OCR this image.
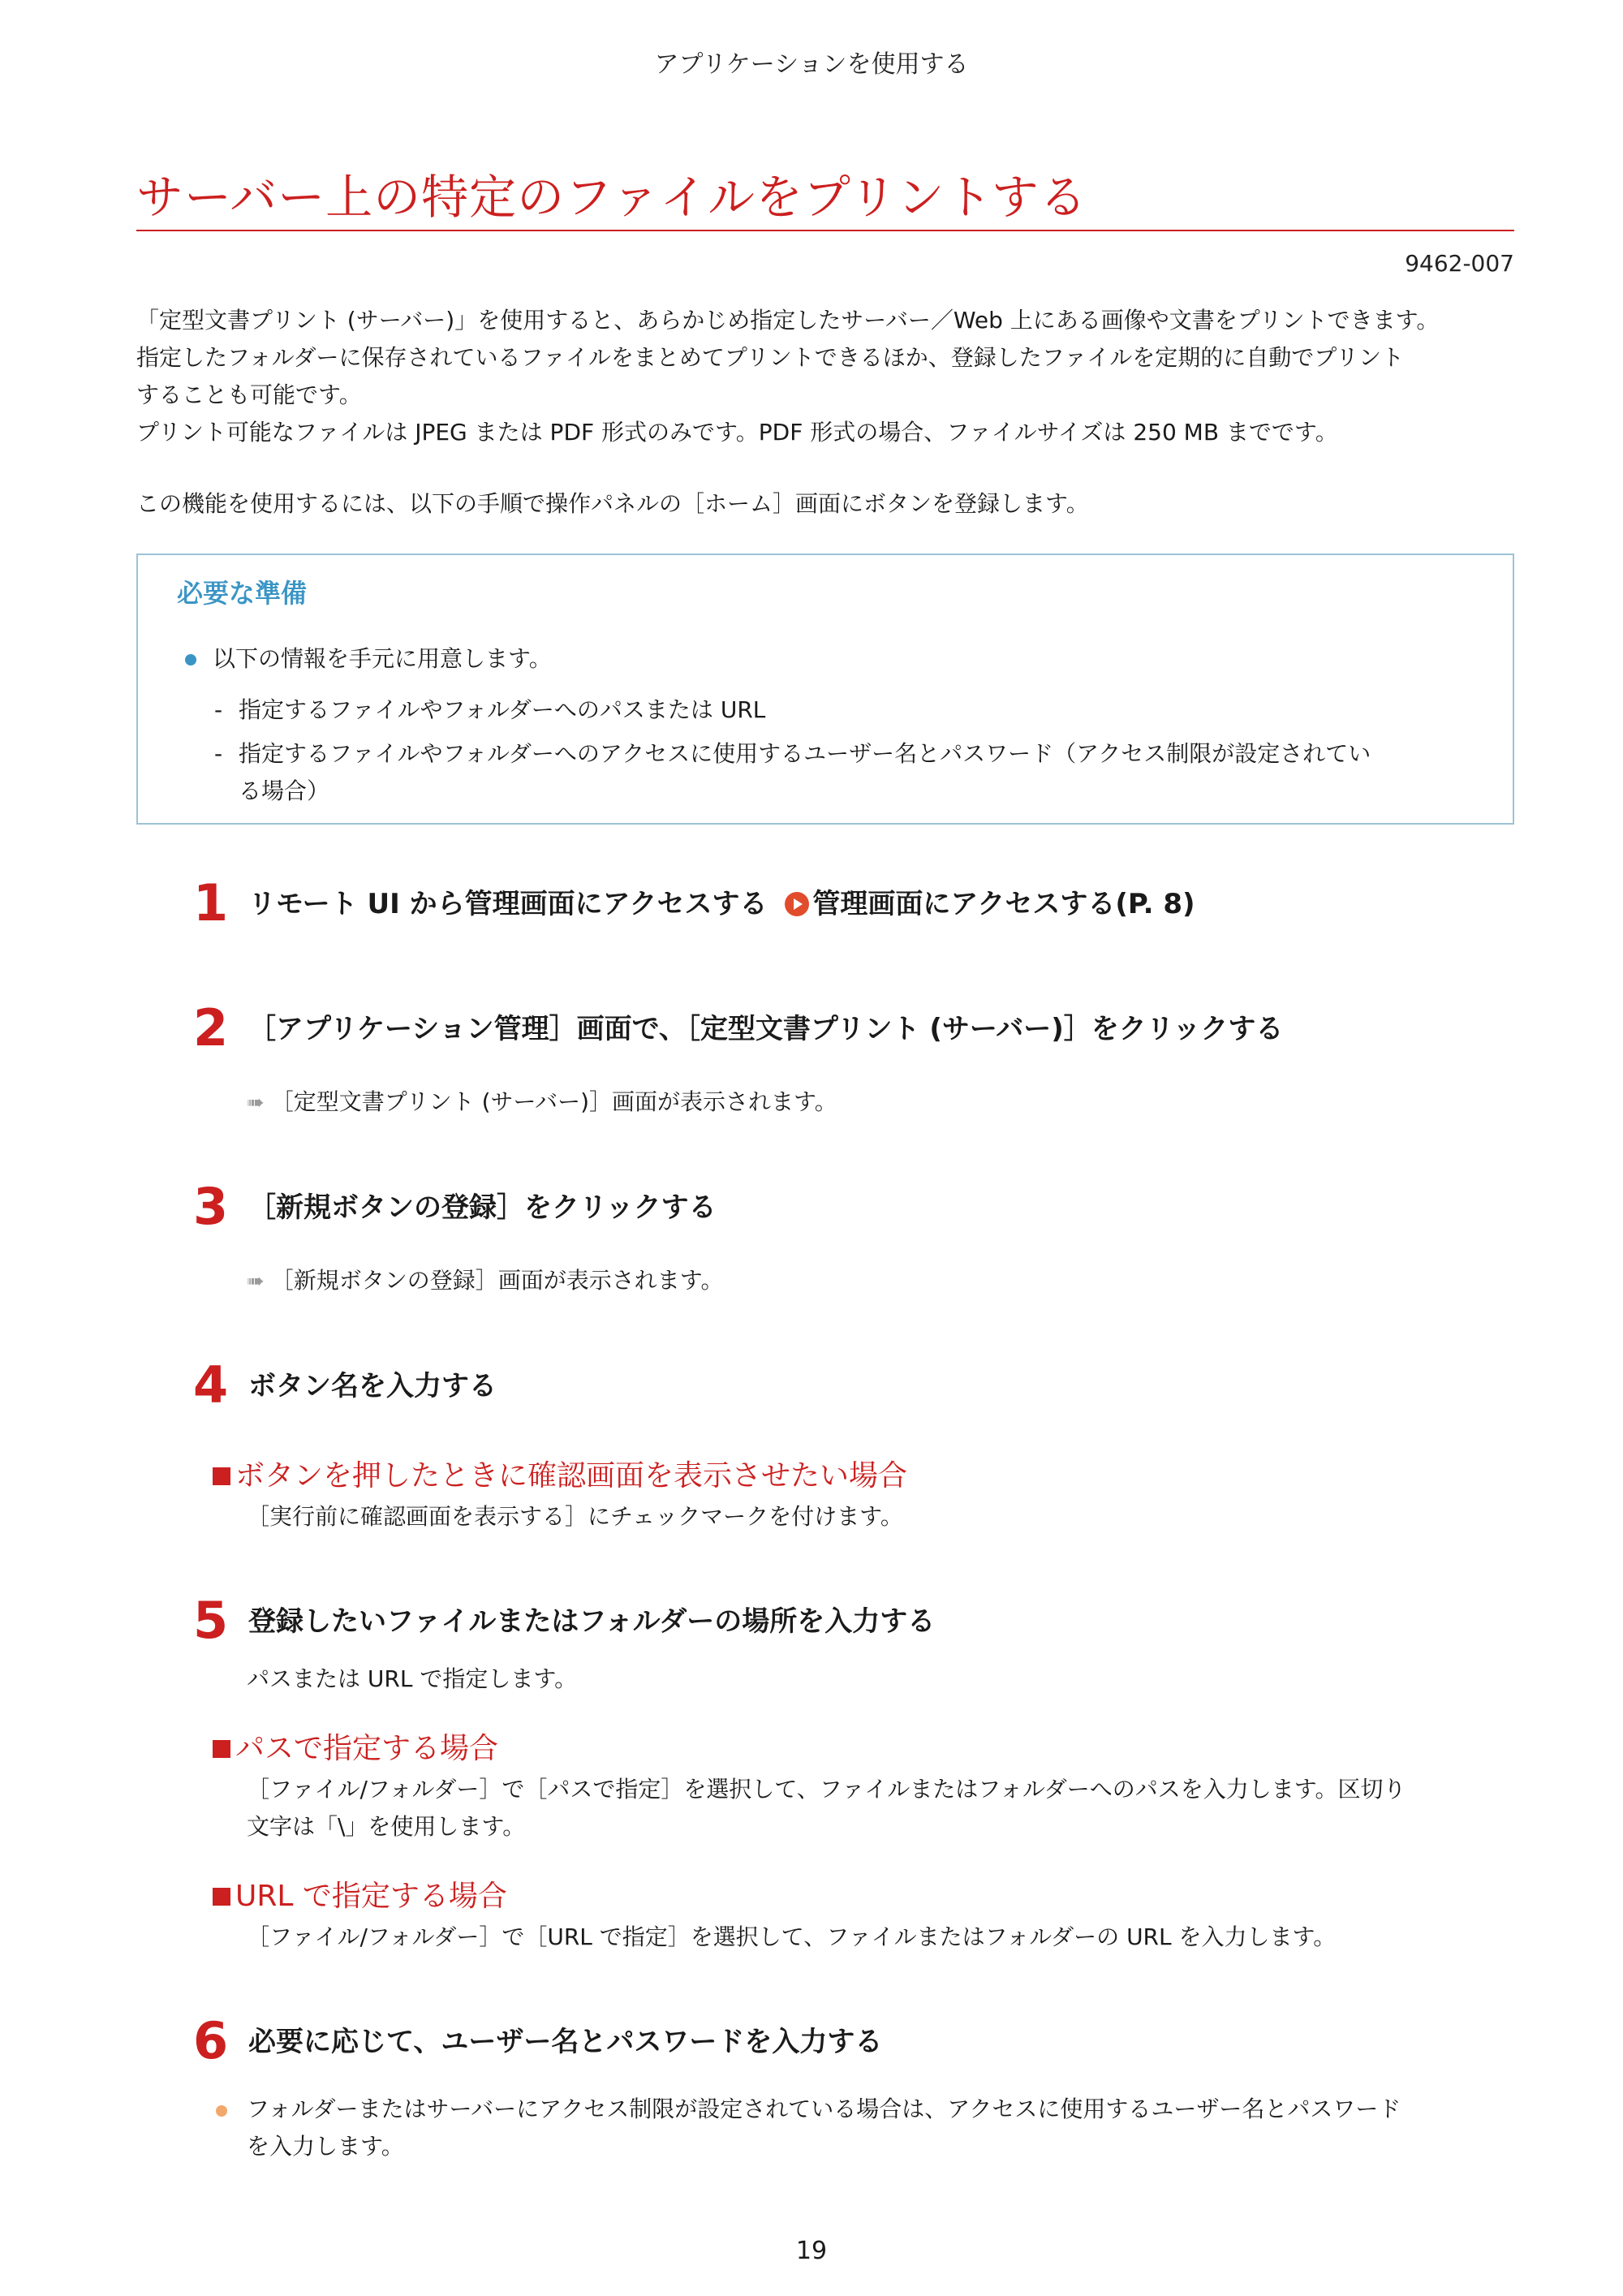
アプリケーションを使用する
サーバー上の特定のファイルをプリントする
9462-007

「定型文書プリント (サーバー)」を使用すると、あらかじめ指定したサーバー／Web 上にある画像や文書をプリントできます。

指定したフォルダーに保存されているファイルをまとめてプリントできるほか、登録したファイルを定期的に自動でプリント

することも可能です。

プリント可能なファイルは JPEG または PDF 形式のみです。PDF 形式の場合、ファイルサイズは 250 MB までです。

この機能を使用するには、以下の手順で操作パネルの［ホーム］画面にボタンを登録します。

必要な準備
以下の情報を手元に用意します。
- 指定するファイルやフォルダーへのパスまたは URL
- 指定するファイルやフォルダーへのアクセスに使用するユーザー名とパスワード（アクセス制限が設定されてい
る場合）
1 リモート UI から管理画面にアクセスする 管理画面にアクセスする(P. 8)
2 ［アプリケーション管理］画面で、［定型文書プリント (サーバー)］をクリックする
➠ ［定型文書プリント (サーバー)］画面が表示されます。
3 ［新規ボタンの登録］をクリックする
➠ ［新規ボタンの登録］画面が表示されます。
4 ボタン名を入力する
ボタンを押したときに確認画面を表示させたい場合

［実行前に確認画面を表示する］にチェックマークを付けます。

5 登録したいファイルまたはフォルダーの場所を入力する

パスまたは URL で指定します。

パスで指定する場合

［ファイル/フォルダー］で［パスで指定］を選択して、ファイルまたはフォルダーへのパスを入力します。区切り

文字は「\」を使用します。

URL で指定する場合

［ファイル/フォルダー］で［URL で指定］を選択して、ファイルまたはフォルダーの URL を入力します。

6 必要に応じて、ユーザー名とパスワードを入力する

フォルダーまたはサーバーにアクセス制限が設定されている場合は、アクセスに使用するユーザー名とパスワード

を入力します。

19
